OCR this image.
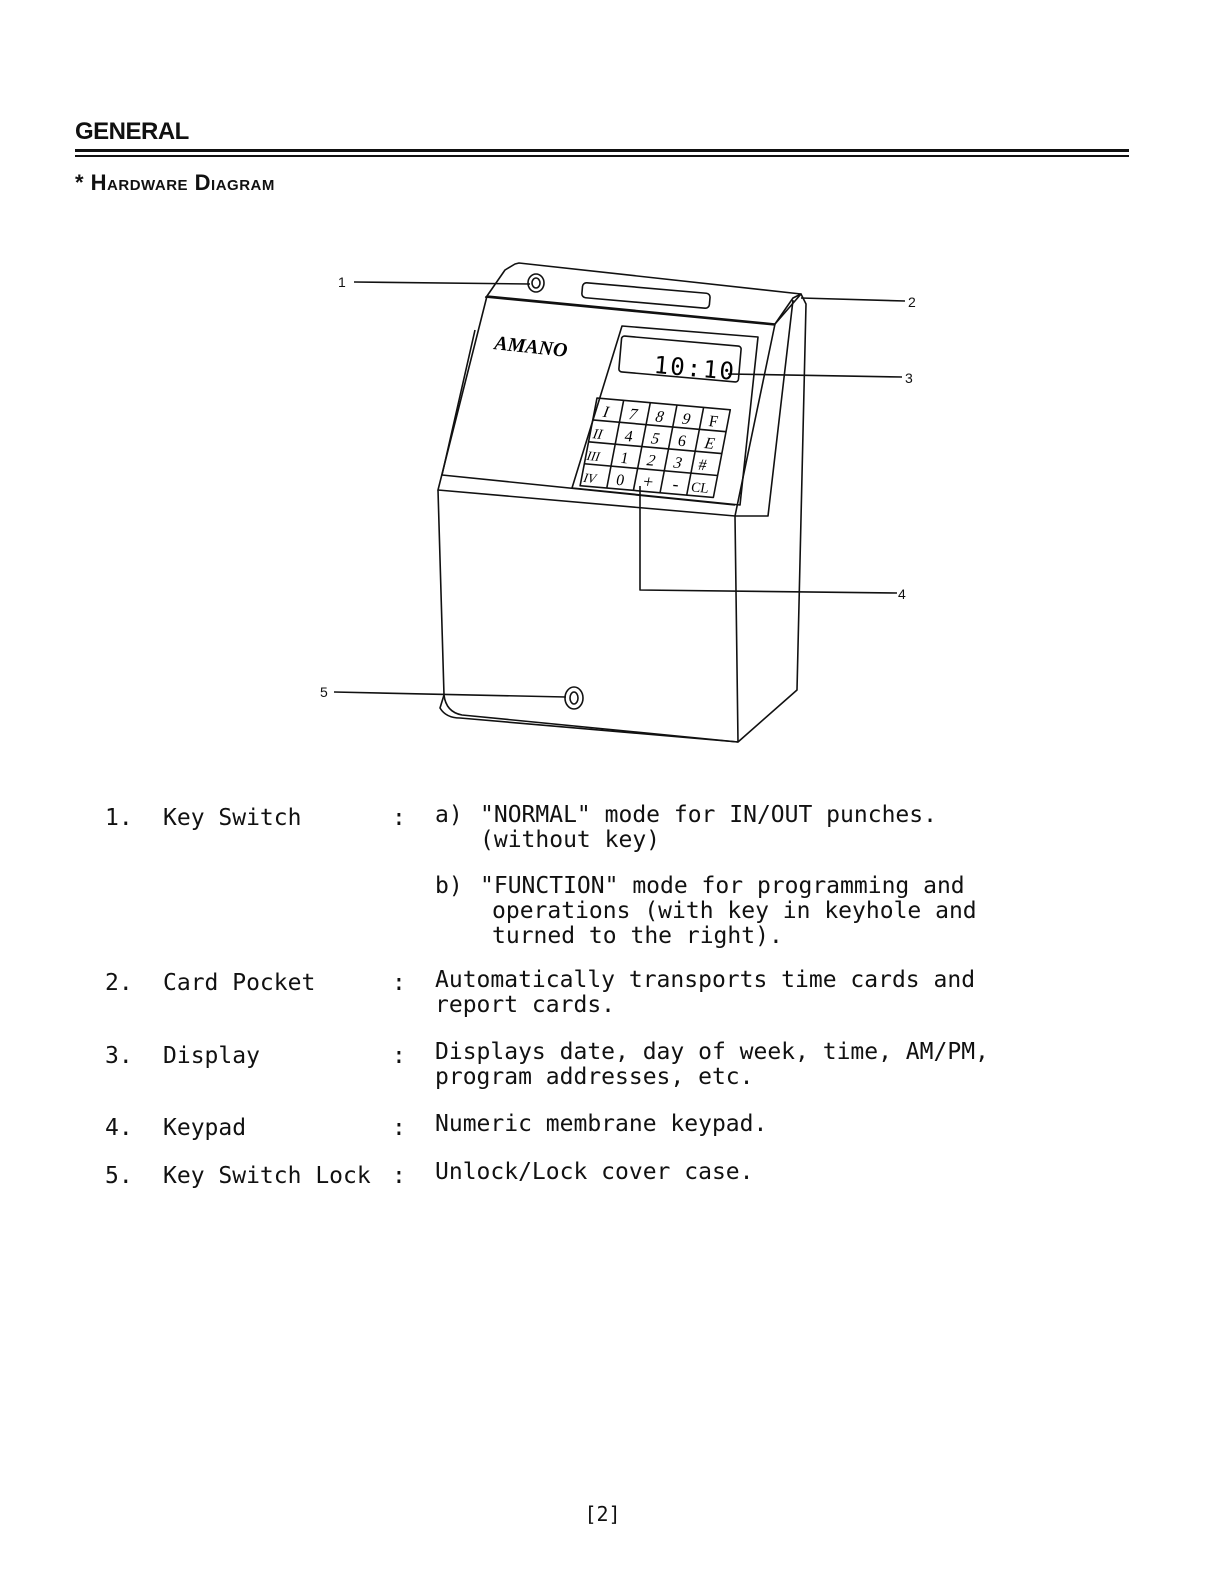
GENERAL
* Hardware Diagram
AMANO
10:10
I 7 8 9 F
II 4 5 6 E
III 1 2 3 #
IV 0 + - CL
1
2
3
4
5
1. Key Switch	: a) "NORMAL" mode for IN/OUT punches.
(without key)
b) "FUNCTION" mode for programming and
operations (with key in keyhole and
turned to the right).
2. Card Pocket	: Automatically transports time cards and
report cards.
3. Display	: Displays date, day of week, time, AM/PM,
program addresses, etc.
4. Keypad	: Numeric membrane keypad.
5. Key Switch Lock : Unlock/Lock cover case.
[2]
